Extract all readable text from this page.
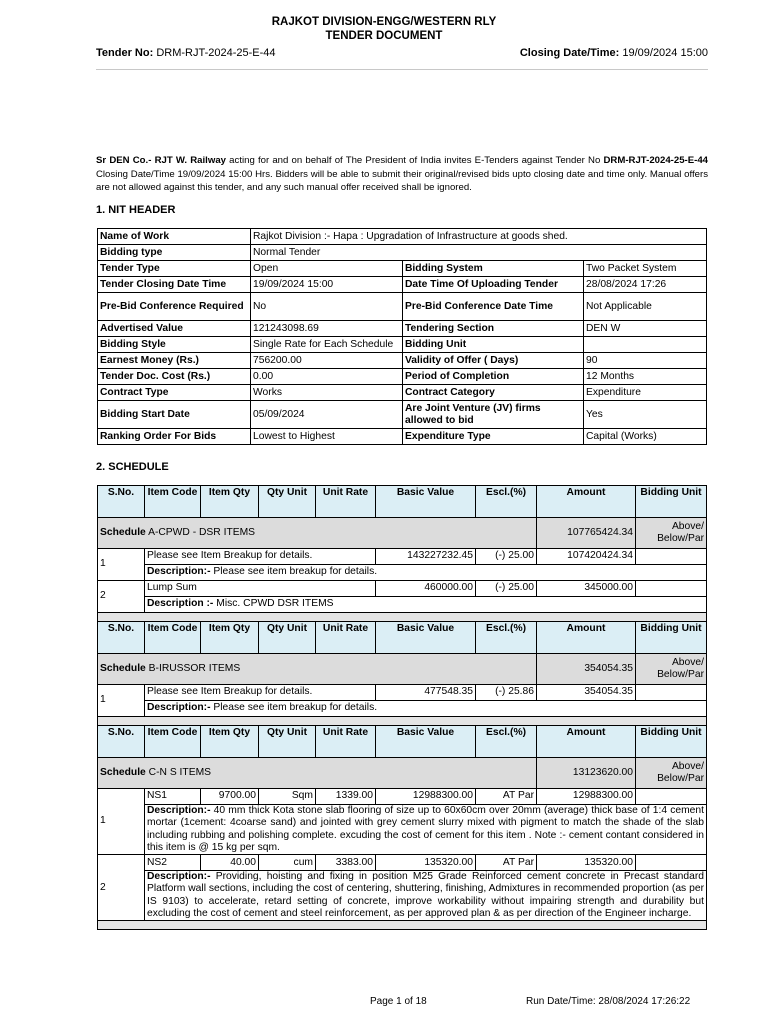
RAJKOT DIVISION-ENGG/WESTERN RLY
TENDER DOCUMENT
Tender No: DRM-RJT-2024-25-E-44	Closing Date/Time: 19/09/2024 15:00
Sr DEN Co.- RJT W. Railway acting for and on behalf of The President of India invites E-Tenders against Tender No DRM-RJT-2024-25-E-44 Closing Date/Time 19/09/2024 15:00 Hrs. Bidders will be able to submit their original/revised bids upto closing date and time only. Manual offers are not allowed against this tender, and any such manual offer received shall be ignored.
1. NIT HEADER
Name of Work	Rajkot Division :- Hapa : Upgradation of Infrastructure at goods shed.		
Bidding type	Normal Tender		
Tender Type	Open	Bidding System	Two Packet System
Tender Closing Date Time	19/09/2024 15:00	Date Time Of Uploading Tender	28/08/2024 17:26
Pre-Bid Conference Required	No	Pre-Bid Conference Date Time	Not Applicable
Advertised Value	121243098.69	Tendering Section	DEN W
Bidding Style	Single Rate for Each Schedule	Bidding Unit	
Earnest Money (Rs.)	756200.00	Validity of Offer ( Days)	90
Tender Doc. Cost (Rs.)	0.00	Period of Completion	12 Months
Contract Type	Works	Contract Category	Expenditure
Bidding Start Date	05/09/2024	Are Joint Venture (JV) firms allowed to bid	Yes
Ranking Order For Bids	Lowest to Highest	Expenditure Type	Capital (Works)
2. SCHEDULE
S.No.	Item Code	Item Qty	Qty Unit	Unit Rate	Basic Value	Escl.(%)	Amount	Bidding Unit
Schedule A-CPWD - DSR ITEMS							107765424.34	Above/ Below/Par
1	Please see Item Breakup for details.				143227232.45	(-) 25.00	107420424.34	
	Description:- Please see item breakup for details.							
2	Lump Sum				460000.00	(-) 25.00	345000.00	
	Description :- Misc. CPWD DSR ITEMS							

S.No.	Item Code	Item Qty	Qty Unit	Unit Rate	Basic Value	Escl.(%)	Amount	Bidding Unit
Schedule B-IRUSSOR ITEMS							354054.35	Above/ Below/Par
1	Please see Item Breakup for details.				477548.35	(-) 25.86	354054.35	
	Description:- Please see item breakup for details.							

S.No.	Item Code	Item Qty	Qty Unit	Unit Rate	Basic Value	Escl.(%)	Amount	Bidding Unit
Schedule C-N S ITEMS							13123620.00	Above/ Below/Par
1	NS1	9700.00	Sqm	1339.00	12988300.00	AT Par	12988300.00	
	Description:- 40 mm thick Kota stone slab flooring of size up to 60x60cm over 20mm (average) thick base of 1:4 cement mortar (1cement: 4coarse sand) and jointed with grey cement slurry mixed with pigment to match the shade of the slab including rubbing and polishing complete. excuding the cost of cement for this item . Note :- cement contant considered in this item is @ 15 kg per sqm.							
2	NS2	40.00	cum	3383.00	135320.00	AT Par	135320.00	
	Description:- Providing, hoisting and fixing in position M25 Grade Reinforced cement concrete in Precast standard Platform wall sections, including the cost of centering, shuttering, finishing, Admixtures in recommended proportion (as per IS 9103) to accelerate, retard setting of concrete, improve workability without impairing strength and durability but excluding the cost of cement and steel reinforcement, as per approved plan & as per direction of the Engineer incharge.							

Page 1 of 18	Run Date/Time: 28/08/2024 17:26:22
